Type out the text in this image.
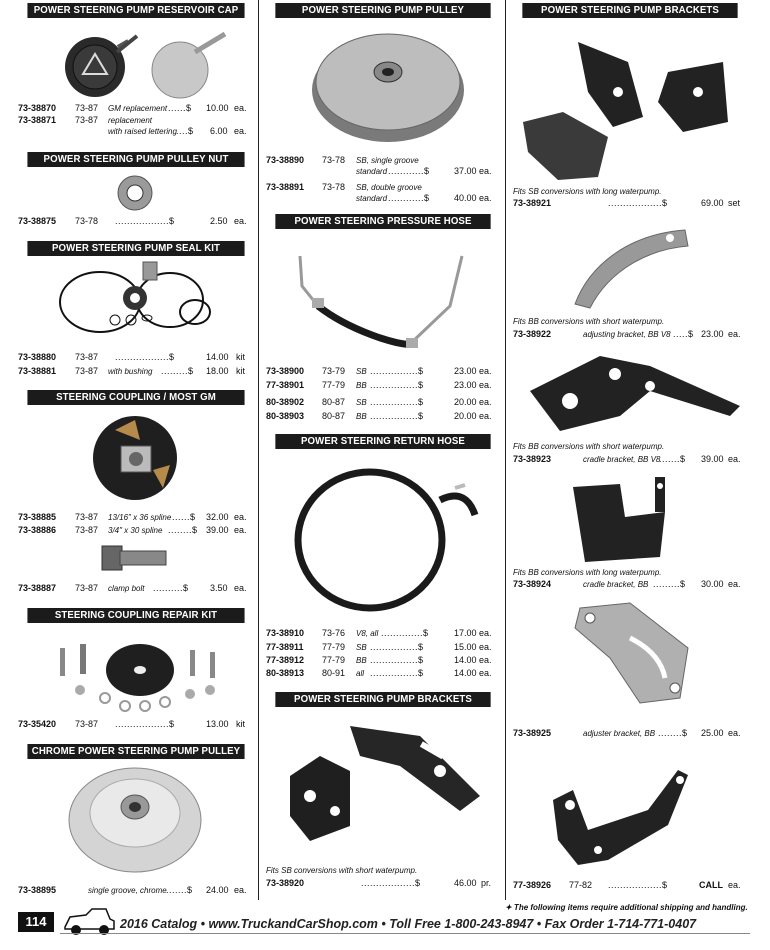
POWER STEERING PUMP RESERVOIR CAP
73-38870 73-87 GM replacement ......$ 10.00 ea.
73-38871 73-87 replacement
with raised lettering ....$ 6.00 ea.
POWER STEERING PUMP PULLEY NUT
73-38875 73-78 ..................$	2.50 ea.
POWER STEERING PUMP SEAL KIT
73-38880 73-87 ..................$	14.00 kit
73-38881 73-87 with bushing .........$ 18.00 kit
STEERING COUPLING / MOST GM
73-38885 73-87 13/16" x 36 spline ......$ 32.00 ea.
73-38886 73-87 3/4" x 30 spline ........$ 39.00 ea.
73-38887 73-87 clamp bolt ..........$ 3.50 ea.
STEERING COUPLING REPAIR KIT
73-35420 73-87 ..................$	13.00 kit
CHROME POWER STEERING PUMP PULLEY
73-38895	single groove, chrome .......$ 24.00 ea.
POWER STEERING PUMP PULLEY
73-38890 73-78 SB, single groove
standard ............$	37.00 ea.
73-38891 73-78 SB, double groove
standard ............$	40.00 ea.
POWER STEERING PRESSURE HOSE
73-38900 73-79 SB ................$	23.00 ea.
77-38901 77-79 BB ................$	23.00 ea.
80-38902 80-87 SB ................$	20.00 ea.
80-38903 80-87 BB ................$	20.00 ea.
POWER STEERING RETURN HOSE
73-38910 73-76 V8, all ..............$	17.00 ea.
77-38911 77-79 SB ................$	15.00 ea.
77-38912 77-79 BB ................$	14.00 ea.
80-38913 80-91 all ................$	14.00 ea.
POWER STEERING PUMP BRACKETS
Fits SB conversions with short waterpump.
73-38920	..................$	46.00 pr.
POWER STEERING PUMP BRACKETS
Fits SB conversions with long waterpump.
73-38921	..................$	69.00 set
Fits BB conversions with short waterpump.
73-38922	adjusting bracket, BB V8 .....$ 23.00 ea.
Fits BB conversions with short waterpump.
73-38923	cradle bracket, BB V8
.......$ 39.00 ea.
Fits BB conversions with long waterpump.
73-38924	cradle bracket, BB .........$ 30.00 ea.
73-38925	adjuster bracket, BB ........$ 25.00 ea.
77-38926 77-82 ..................$	CALL ea.
✦ The following items require additional shipping and handling.
114	2016 Catalog • www.TruckandCarShop.com • Toll Free 1-800-243-8947 • Fax Order 1-714-771-0407
